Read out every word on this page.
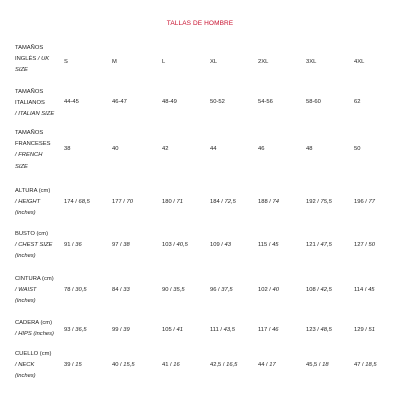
TALLAS DE HOMBRE
TAMAÑOS
INGLÉS / UK
SIZE
S	M	L	XL	2XL	3XL	4XL
TAMAÑOS
ITALIANOS
/ ITALIAN SIZE
44-45	46-47	48-49	50-52	54-56	58-60	62
TAMAÑOS
FRANCESES
/ FRENCH
SIZE
38	40	42	44	46	48	50
ALTURA (cm)
/ HEIGHT
(inches)
174 / 68,5	177 / 70	180 / 71	184 / 72,5	188 / 74	192 / 75,5	196 / 77
BUSTO (cm)
/ CHEST SIZE
(inches)
91 / 36	97 / 38	103 / 40,5	109 / 43	115 / 45	121 / 47,5	127 / 50
CINTURA (cm)
/ WAIST
(inches)
78 / 30,5	84 / 33	90 / 35,5	96 / 37,5	102 / 40	108 / 42,5	114 / 45
CADERA (cm)
/ HIPS (inches)
93 / 36,5	99 / 39	105 / 41	111 / 43,5	117 / 46	123 / 48,5	129 / 51
CUELLO (cm)
/ NECK
(inches)
39 / 15	40 / 15,5	41 / 16	42,5 / 16,5	44 / 17	45,5 / 18	47 / 18,5
